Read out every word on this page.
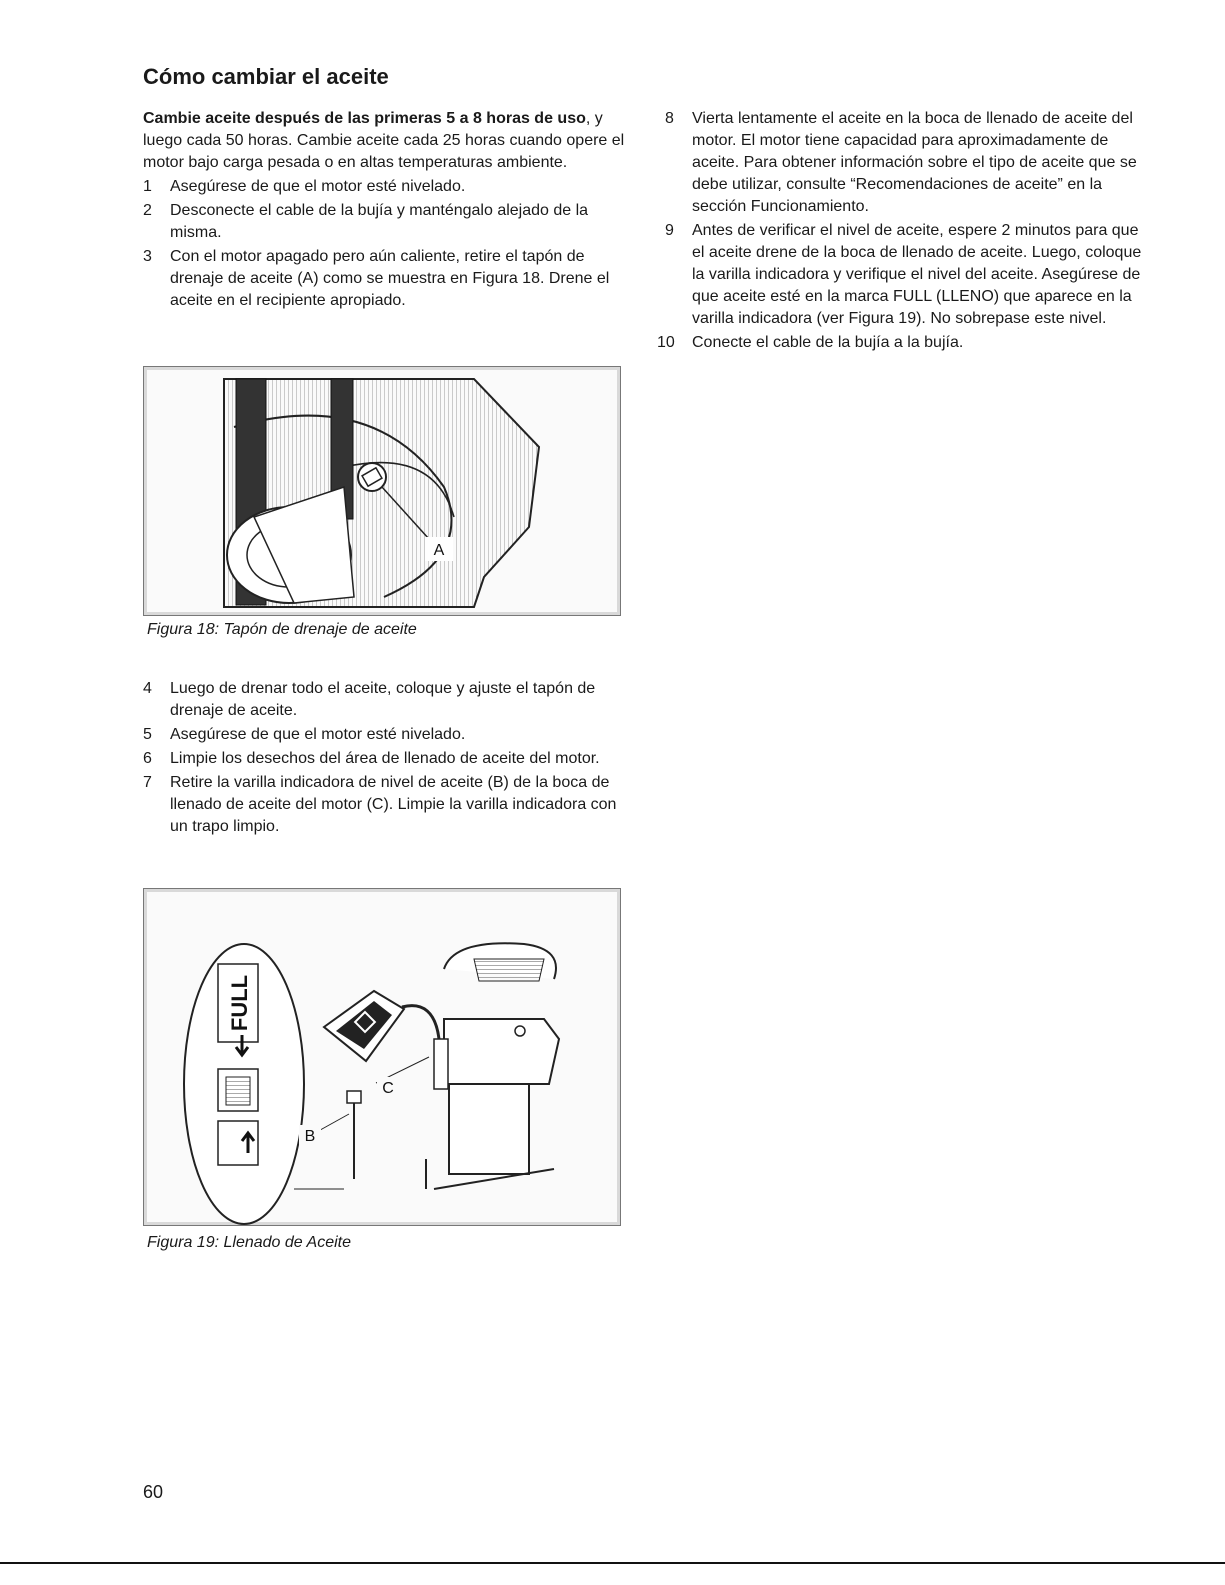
Cómo cambiar el aceite

Cambie aceite después de las primeras 5 a 8 horas de uso, y luego cada 50 horas. Cambie aceite cada 25 horas cuando opere el motor bajo carga pesada o en altas temperaturas ambiente.

1 Asegúrese de que el motor esté nivelado.
2 Desconecte el cable de la bujía y manténgalo alejado de la misma.
3 Con el motor apagado pero aún caliente, retire el tapón de drenaje de aceite (A) como se muestra en Figura 18. Drene el aceite en el recipiente apropiado.
A
Figura 18: Tapón de drenaje de aceite
4 Luego de drenar todo el aceite, coloque y ajuste el tapón de drenaje de aceite.
5 Asegúrese de que el motor esté nivelado.
6 Limpie los desechos del área de llenado de aceite del motor.
7 Retire la varilla indicadora de nivel de aceite (B) de la boca de llenado de aceite del motor (C). Limpie la varilla indicadora con un trapo limpio.
FULL
B
C
Figura 19: Llenado de Aceite
8 Vierta lentamente el aceite en la boca de llenado de aceite del motor. El motor tiene capacidad para aproximadamente de aceite. Para obtener información sobre el tipo de aceite que se debe utilizar, consulte “Recomendaciones de aceite” en la sección Funcionamiento.
9 Antes de verificar el nivel de aceite, espere 2 minutos para que el aceite drene de la boca de llenado de aceite. Luego, coloque la varilla indicadora y verifique el nivel del aceite. Asegúrese de que aceite esté en la marca FULL (LLENO) que aparece en la varilla indicadora (ver Figura 19). No sobrepase este nivel.
10 Conecte el cable de la bujía a la bujía.
60
